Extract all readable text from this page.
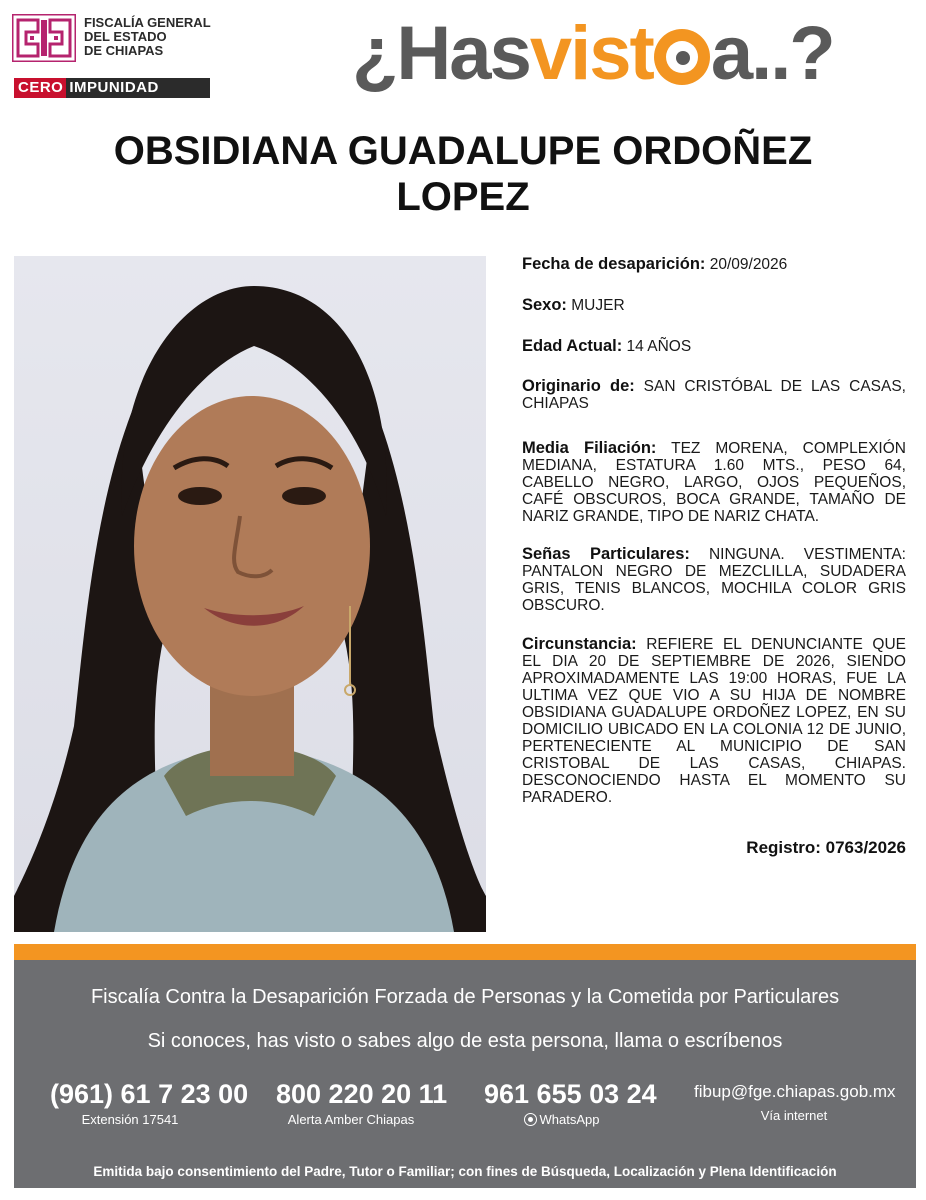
FISCALÍA GENERAL
DEL ESTADO
DE CHIAPAS
CERO IMPUNIDAD	¿Hasvist a..?
OBSIDIANA GUADALUPE ORDOÑEZ
LOPEZ
Fecha de desaparición: 20/09/2026
Sexo: MUJER
Edad Actual: 14 AÑOS
Originario de: SAN CRISTÓBAL DE LAS CASAS, CHIAPAS
Media Filiación: TEZ MORENA, COMPLEXIÓN MEDIANA, ESTATURA 1.60 MTS., PESO 64, CABELLO NEGRO, LARGO, OJOS PEQUEÑOS, CAFÉ OBSCUROS, BOCA GRANDE, TAMAÑO DE NARIZ GRANDE, TIPO DE NARIZ CHATA.
Señas Particulares: NINGUNA. VESTIMENTA: PANTALON NEGRO DE MEZCLILLA, SUDADERA GRIS, TENIS BLANCOS, MOCHILA COLOR GRIS OBSCURO.
Circunstancia: REFIERE EL DENUNCIANTE QUE EL DIA 20 DE SEPTIEMBRE DE 2026, SIENDO APROXIMADAMENTE LAS 19:00 HORAS, FUE LA ULTIMA VEZ QUE VIO A SU HIJA DE NOMBRE OBSIDIANA GUADALUPE ORDOÑEZ LOPEZ, EN SU DOMICILIO UBICADO EN LA COLONIA 12 DE JUNIO, PERTENECIENTE AL MUNICIPIO DE SAN CRISTOBAL DE LAS CASAS, CHIAPAS. DESCONOCIENDO HASTA EL MOMENTO SU PARADERO.
Registro: 0763/2026
Fiscalía Contra la Desaparición Forzada de Personas y la Cometida por Particulares
Si conoces, has visto o sabes algo de esta persona, llama o escríbenos
(961) 61 7 23 00
Extensión 17541
800 220 20 11
Alerta Amber Chiapas
961 655 03 24
WhatsApp
fibup@fge.chiapas.gob.mx
Vía internet
Emitida bajo consentimiento del Padre, Tutor o Familiar; con fines de Búsqueda, Localización y Plena Identificación
